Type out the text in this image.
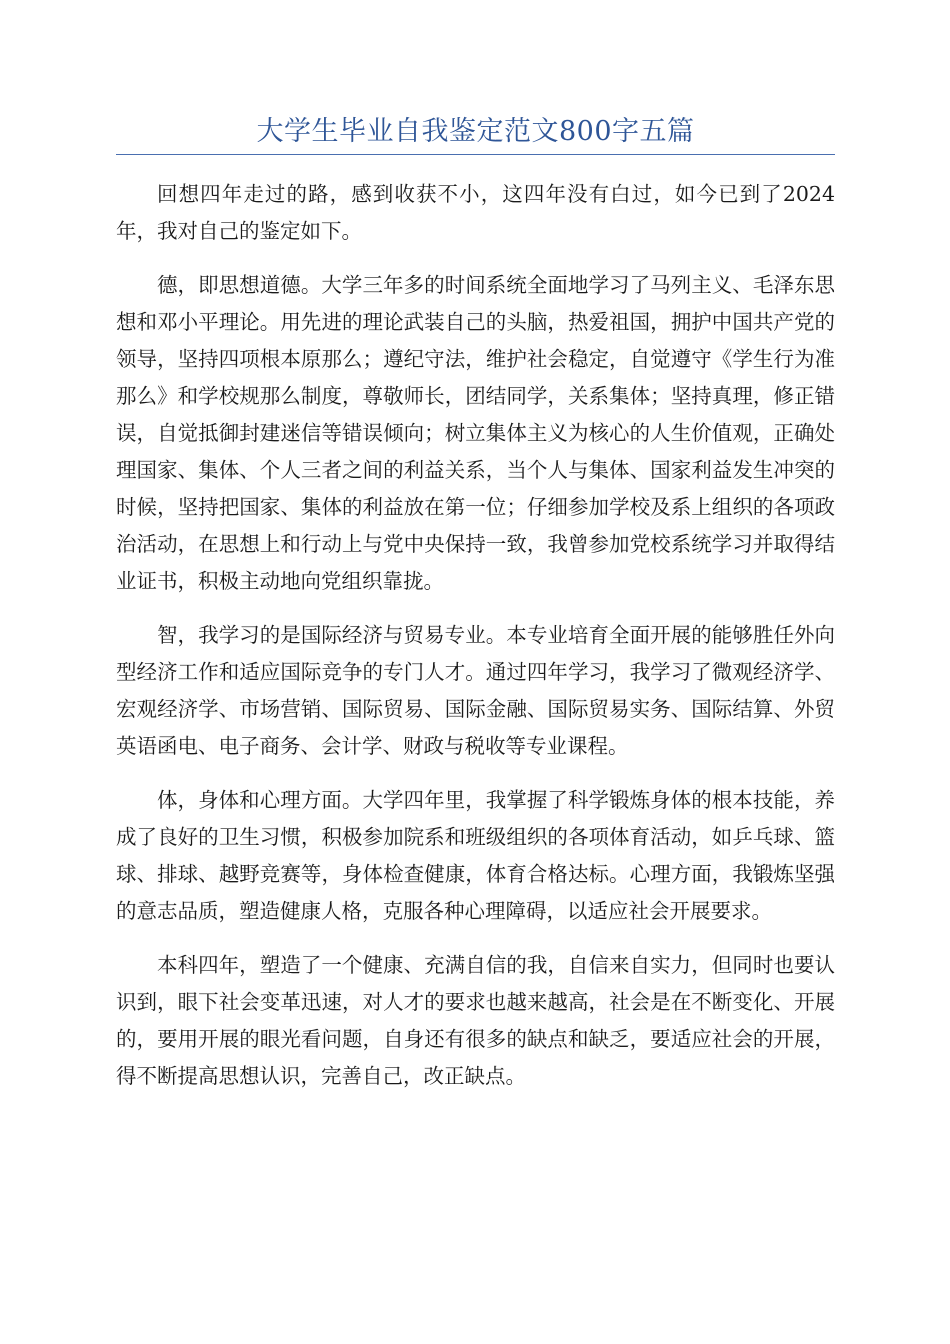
大学生毕业自我鉴定范文800字五篇

回想四年走过的路，感到收获不小，这四年没有白过，如今已到了2024年，我对自己的鉴定如下。

德，即思想道德。大学三年多的时间系统全面地学习了马列主义、毛泽东思想和邓小平理论。用先进的理论武装自己的头脑，热爱祖国，拥护中国共产党的领导，坚持四项根本原那么；遵纪守法，维护社会稳定，自觉遵守《学生行为准那么》和学校规那么制度，尊敬师长，团结同学，关系集体；坚持真理，修正错误，自觉抵御封建迷信等错误倾向；树立集体主义为核心的人生价值观，正确处理国家、集体、个人三者之间的利益关系，当个人与集体、国家利益发生冲突的时候，坚持把国家、集体的利益放在第一位；仔细参加学校及系上组织的各项政治活动，在思想上和行动上与党中央保持一致，我曾参加党校系统学习并取得结业证书，积极主动地向党组织靠拢。

智，我学习的是国际经济与贸易专业。本专业培育全面开展的能够胜任外向型经济工作和适应国际竞争的专门人才。通过四年学习，我学习了微观经济学、宏观经济学、市场营销、国际贸易、国际金融、国际贸易实务、国际结算、外贸英语函电、电子商务、会计学、财政与税收等专业课程。

体，身体和心理方面。大学四年里，我掌握了科学锻炼身体的根本技能，养成了良好的卫生习惯，积极参加院系和班级组织的各项体育活动，如乒乓球、篮球、排球、越野竞赛等，身体检查健康，体育合格达标。心理方面，我锻炼坚强的意志品质，塑造健康人格，克服各种心理障碍，以适应社会开展要求。

本科四年，塑造了一个健康、充满自信的我，自信来自实力，但同时也要认识到，眼下社会变革迅速，对人才的要求也越来越高，社会是在不断变化、开展的，要用开展的眼光看问题，自身还有很多的缺点和缺乏，要适应社会的开展，得不断提高思想认识，完善自己，改正缺点。
